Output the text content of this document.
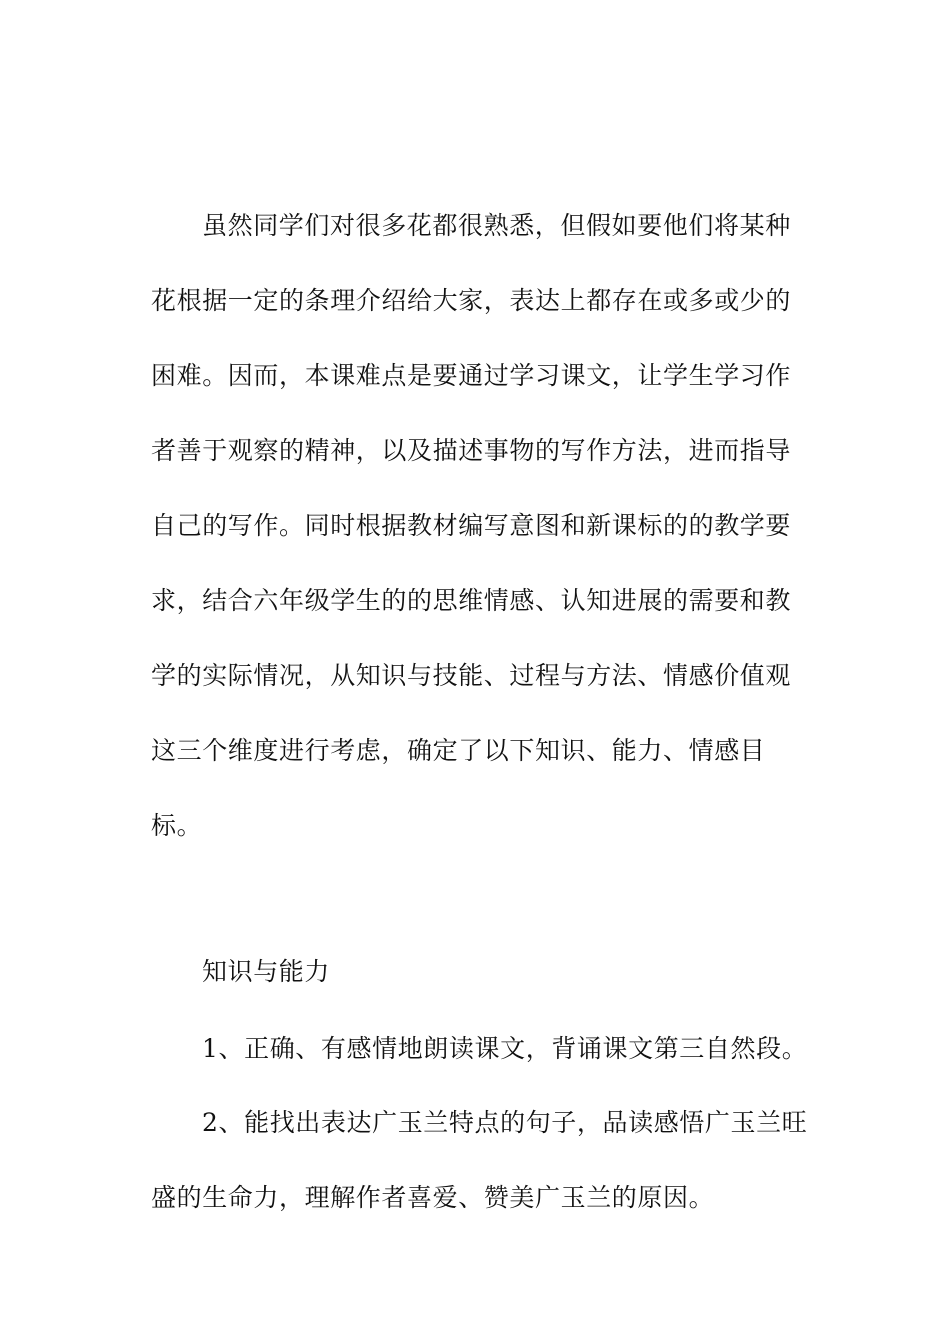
虽然同学们对很多花都很熟悉，但假如要他们将某种
花根据一定的条理介绍给大家，表达上都存在或多或少的
困难。因而，本课难点是要通过学习课文，让学生学习作
者善于观察的精神，以及描述事物的写作方法，进而指导
自己的写作。同时根据教材编写意图和新课标的的教学要
求，结合六年级学生的的思维情感、认知进展的需要和教
学的实际情况，从知识与技能、过程与方法、情感价值观
这三个维度进行考虑，确定了以下知识、能力、情感目
标。
知识与能力
1、正确、有感情地朗读课文，背诵课文第三自然段。
2、能找出表达广玉兰特点的句子，品读感悟广玉兰旺
盛的生命力，理解作者喜爱、赞美广玉兰的原因。
